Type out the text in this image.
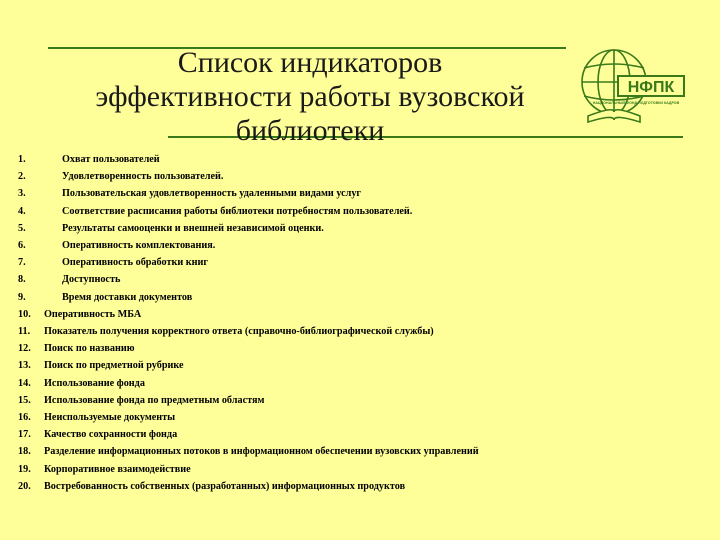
Список индикаторов
эффективности работы вузовской
библиотеки
НФПК
НАЦИОНАЛЬНЫЙ ФОНД ПОДГОТОВКИ КАДРОВ
1.	Охват пользователей
2.	Удовлетворенность пользователей.
3.	Пользовательская удовлетворенность удаленными видами услуг
4.	Соответствие расписания работы библиотеки потребностям пользователей.
5.	Результаты самооценки и внешней независимой оценки.
6.	Оперативность комплектования.
7.	Оперативность обработки книг
8.	Доступность
9.	Время доставки документов
10.	Оперативность МБА
11.	Показатель получения корректного ответа (справочно-библиографической службы)
12.	Поиск по названию
13.	Поиск по предметной рубрике
14.	Использование фонда
15.	Использование фонда по предметным областям
16.	Неиспользуемые документы
17.	Качество сохранности фонда
18.	Разделение информационных потоков в информационном обеспечении вузовских управлений
19.	Корпоративное взаимодействие
20.	Востребованность собственных (разработанных) информационных продуктов
